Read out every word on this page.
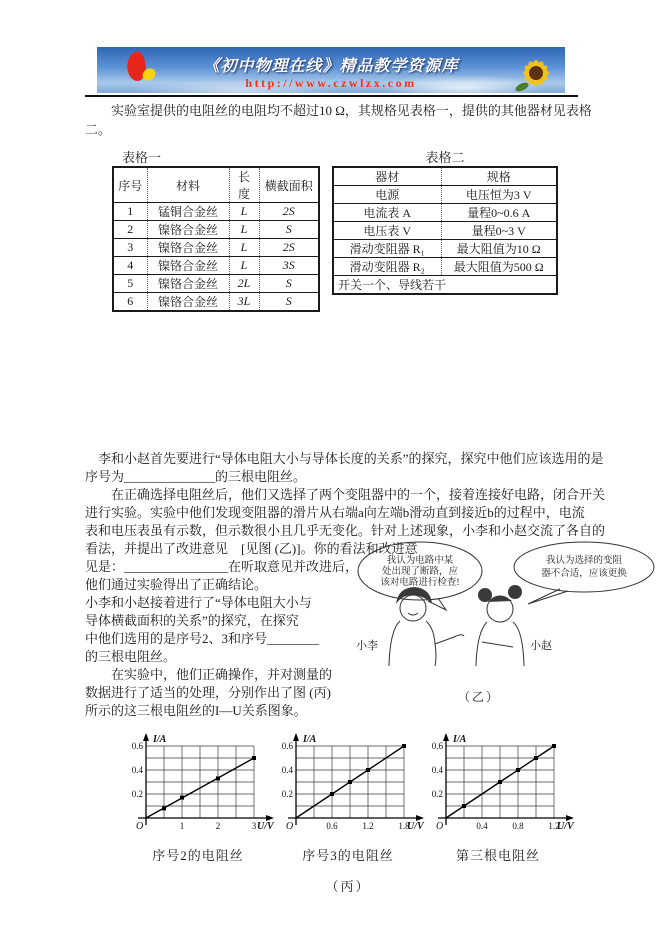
《初中物理在线》精品教学资源库
http://www.czwlzx.com
　　实验室提供的电阻丝的电阻均不超过10 Ω，其规格见表格一，提供的其他器材见表格
二。
表格一
序号	材料	长度	横截面积
1	锰铜合金丝	L	2S
2	镍铬合金丝	L	S
3	镍铬合金丝	L	2S
4	镍铬合金丝	L	3S
5	镍铬合金丝	2L	S
6	镍铬合金丝	3L	S
表格二
器材	规格
电源	电压恒为3 V
电流表 A	量程0~0.6 A
电压表 V	量程0~3 V
滑动变阻器 R₁	最大阻值为10 Ω
滑动变阻器 R₂	最大阻值为500 Ω
开关一个、导线若干	
　李和小赵首先要进行“导体电阻大小与导体长度的关系”的探究，探究中他们应该选用的是
序号为______________的三根电阻丝。
　　在正确选择电阻丝后，他们又选择了两个变阻器中的一个，接着连接好电路，闭合开关
进行实验。实验中他们发现变阻器的滑片从右端a向左端b滑动直到接近b的过程中，电流
表和电压表虽有示数，但示数很小且几乎无变化。针对上述现象，小李和小赵交流了各自的
看法，并提出了改进意见　[见图 (乙)]。你的看法和改进意
见是：________________在听取意见并改进后，
他们通过实验得出了正确结论。
小李和小赵接着进行了“导体电阻大小与
导体横截面积的关系”的探究，在探究
中他们选用的是序号2、3和序号________
的三根电阻丝。
　　在实验中，他们正确操作，并对测量的
数据进行了适当的处理，分别作出了图 (丙)
所示的这三根电阻丝的I—U关系图象。
我认为电路中某
处出现了断路，应
该对电路进行检查!
我认为选择的变阻
器不合适，应该更换
小李	小赵
（乙）
0.2
0.4
0.6
1	2	3
I/A
U/V
O
序号2的电阻丝
0.2
0.4
0.6
0.6	1.2	1.8
I/A
U/V
O
序号3的电阻丝
0.2
0.4
0.6
0.4	0.8	1.2
I/A
U/V
O
第三根电阻丝
（丙）
